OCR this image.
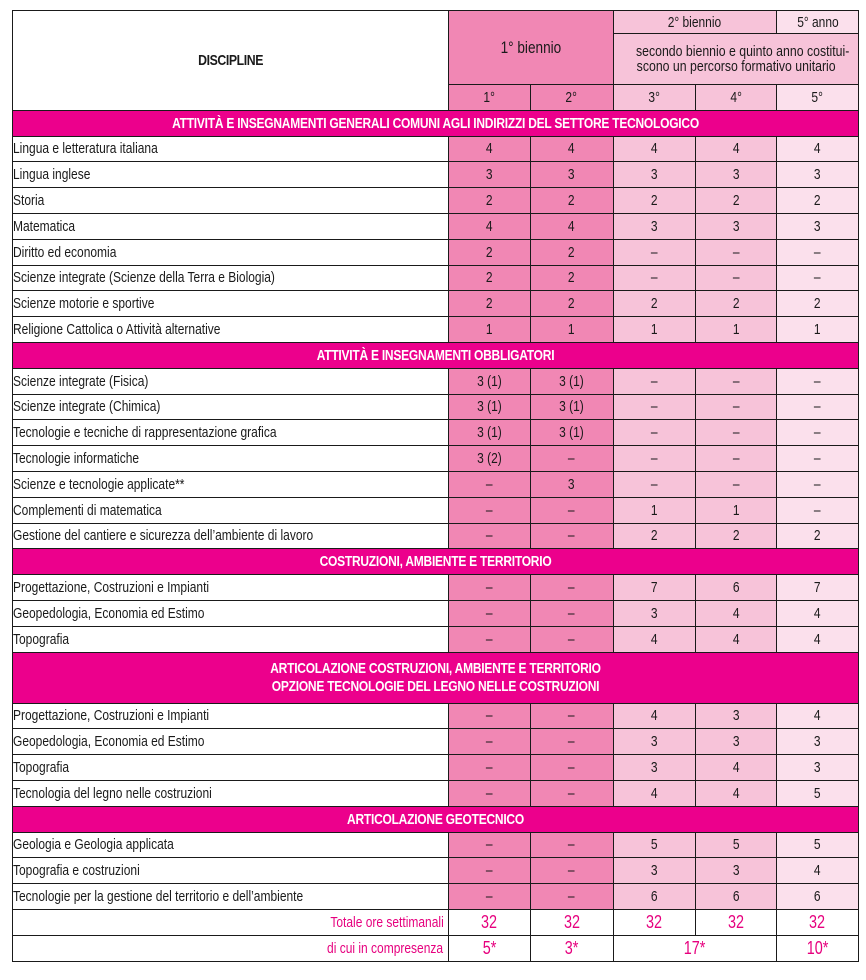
DISCIPLINE	1° biennio		2° biennio		5° anno

			secondo biennio e quinto anno costitui-
scono un percorso formativo unitario		

	1°	2°	3°	4°	5°

ATTIVITÀ E INSEGNAMENTI GENERALI COMUNI AGLI INDIRIZZI DEL SETTORE TECNOLOGICO					

Lingua e letteratura italiana	4	4	4	4	4
Lingua inglese	3	3	3	3	3
Storia	2	2	2	2	2
Matematica	4	4	3	3	3
Diritto ed economia	2	2	–	–	–
Scienze integrate (Scienze della Terra e Biologia)	2	2	–	–	–
Scienze motorie e sportive	2	2	2	2	2
Religione Cattolica o Attività alternative	1	1	1	1	1

ATTIVITÀ E INSEGNAMENTI OBBLIGATORI					

Scienze integrate (Fisica)	3 (1)	3 (1)	–	–	–
Scienze integrate (Chimica)	3 (1)	3 (1)	–	–	–
Tecnologie e tecniche di rappresentazione grafica	3 (1)	3 (1)	–	–	–
Tecnologie informatiche	3 (2)	–	–	–	–
Scienze e tecnologie applicate**	–	3	–	–	–
Complementi di matematica	–	–	1	1	–
Gestione del cantiere e sicurezza dell’ambiente di lavoro	–	–	2	2	2

COSTRUZIONI, AMBIENTE E TERRITORIO					

Progettazione, Costruzioni e Impianti	–	–	7	6	7
Geopedologia, Economia ed Estimo	–	–	3	4	4
Topografia	–	–	4	4	4

ARTICOLAZIONE COSTRUZIONI, AMBIENTE E TERRITORIO
OPZIONE TECNOLOGIE DEL LEGNO NELLE COSTRUZIONI					

Progettazione, Costruzioni e Impianti	–	–	4	3	4
Geopedologia, Economia ed Estimo	–	–	3	3	3
Topografia	–	–	3	4	3
Tecnologia del legno nelle costruzioni	–	–	4	4	5

ARTICOLAZIONE GEOTECNICO					

Geologia e Geologia applicata	–	–	5	5	5
Topografia e costruzioni	–	–	3	3	4
Tecnologie per la gestione del territorio e dell’ambiente	–	–	6	6	6
Totale ore settimanali	32	32	32	32	32
di cui in compresenza	5*	3*	17*		10*
